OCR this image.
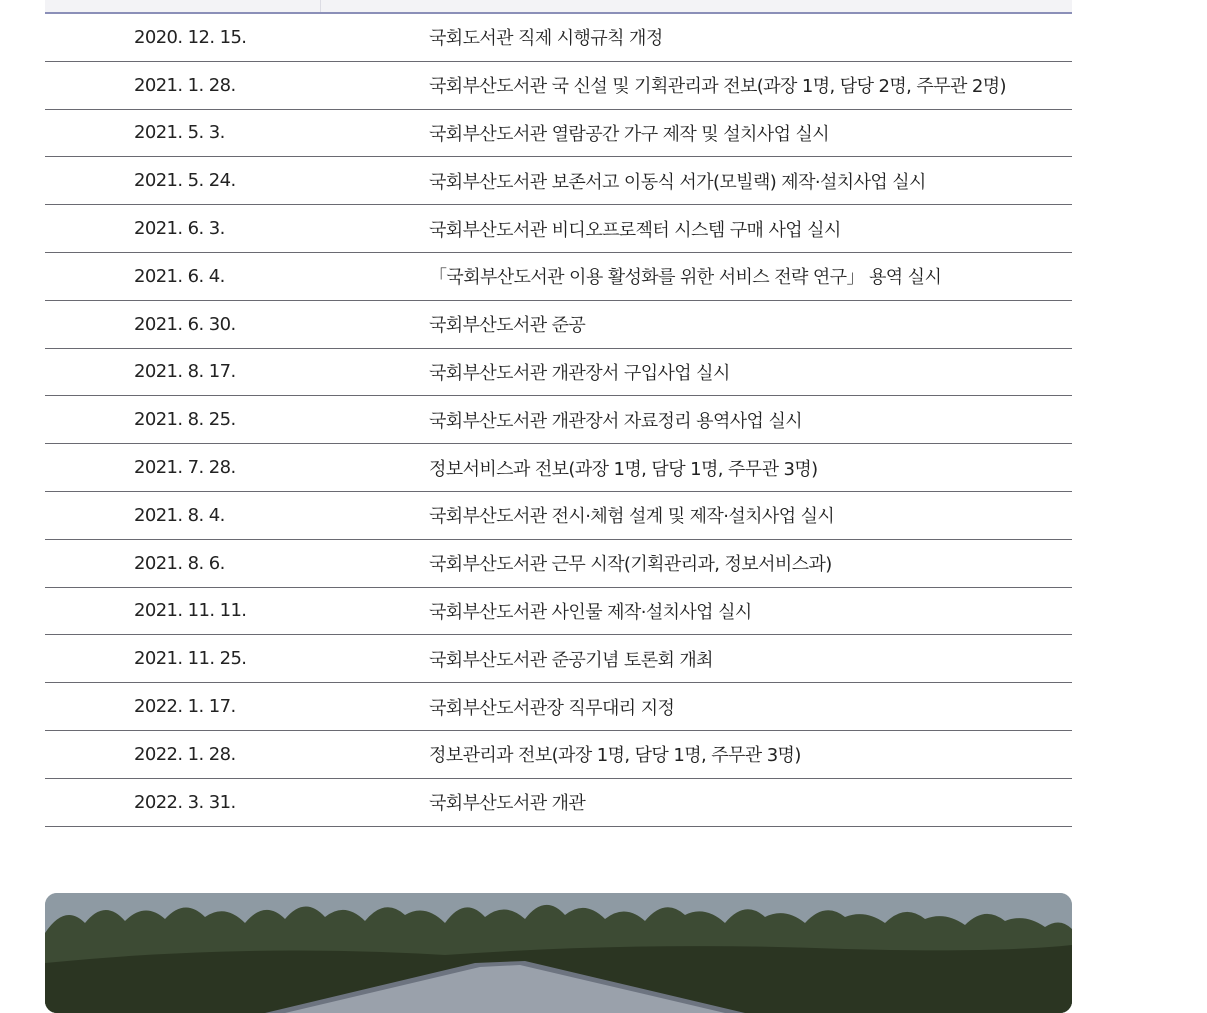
2020. 12. 15.	국회도서관 직제 시행규칙 개정
2021. 1. 28.	국회부산도서관 국 신설 및 기획관리과 전보(과장 1명, 담당 2명, 주무관 2명)
2021. 5. 3.	국회부산도서관 열람공간 가구 제작 및 설치사업 실시
2021. 5. 24.	국회부산도서관 보존서고 이동식 서가(모빌랙) 제작·설치사업 실시
2021. 6. 3.	국회부산도서관 비디오프로젝터 시스템 구매 사업 실시
2021. 6. 4.	「국회부산도서관 이용 활성화를 위한 서비스 전략 연구」 용역 실시
2021. 6. 30.	국회부산도서관 준공
2021. 8. 17.	국회부산도서관 개관장서 구입사업 실시
2021. 8. 25.	국회부산도서관 개관장서 자료정리 용역사업 실시
2021. 7. 28.	정보서비스과 전보(과장 1명, 담당 1명, 주무관 3명)
2021. 8. 4.	국회부산도서관 전시·체험 설계 및 제작·설치사업 실시
2021. 8. 6.	국회부산도서관 근무 시작(기획관리과, 정보서비스과)
2021. 11. 11.	국회부산도서관 사인물 제작·설치사업 실시
2021. 11. 25.	국회부산도서관 준공기념 토론회 개최
2022. 1. 17.	국회부산도서관장 직무대리 지정
2022. 1. 28.	정보관리과 전보(과장 1명, 담당 1명, 주무관 3명)
2022. 3. 31.	국회부산도서관 개관
